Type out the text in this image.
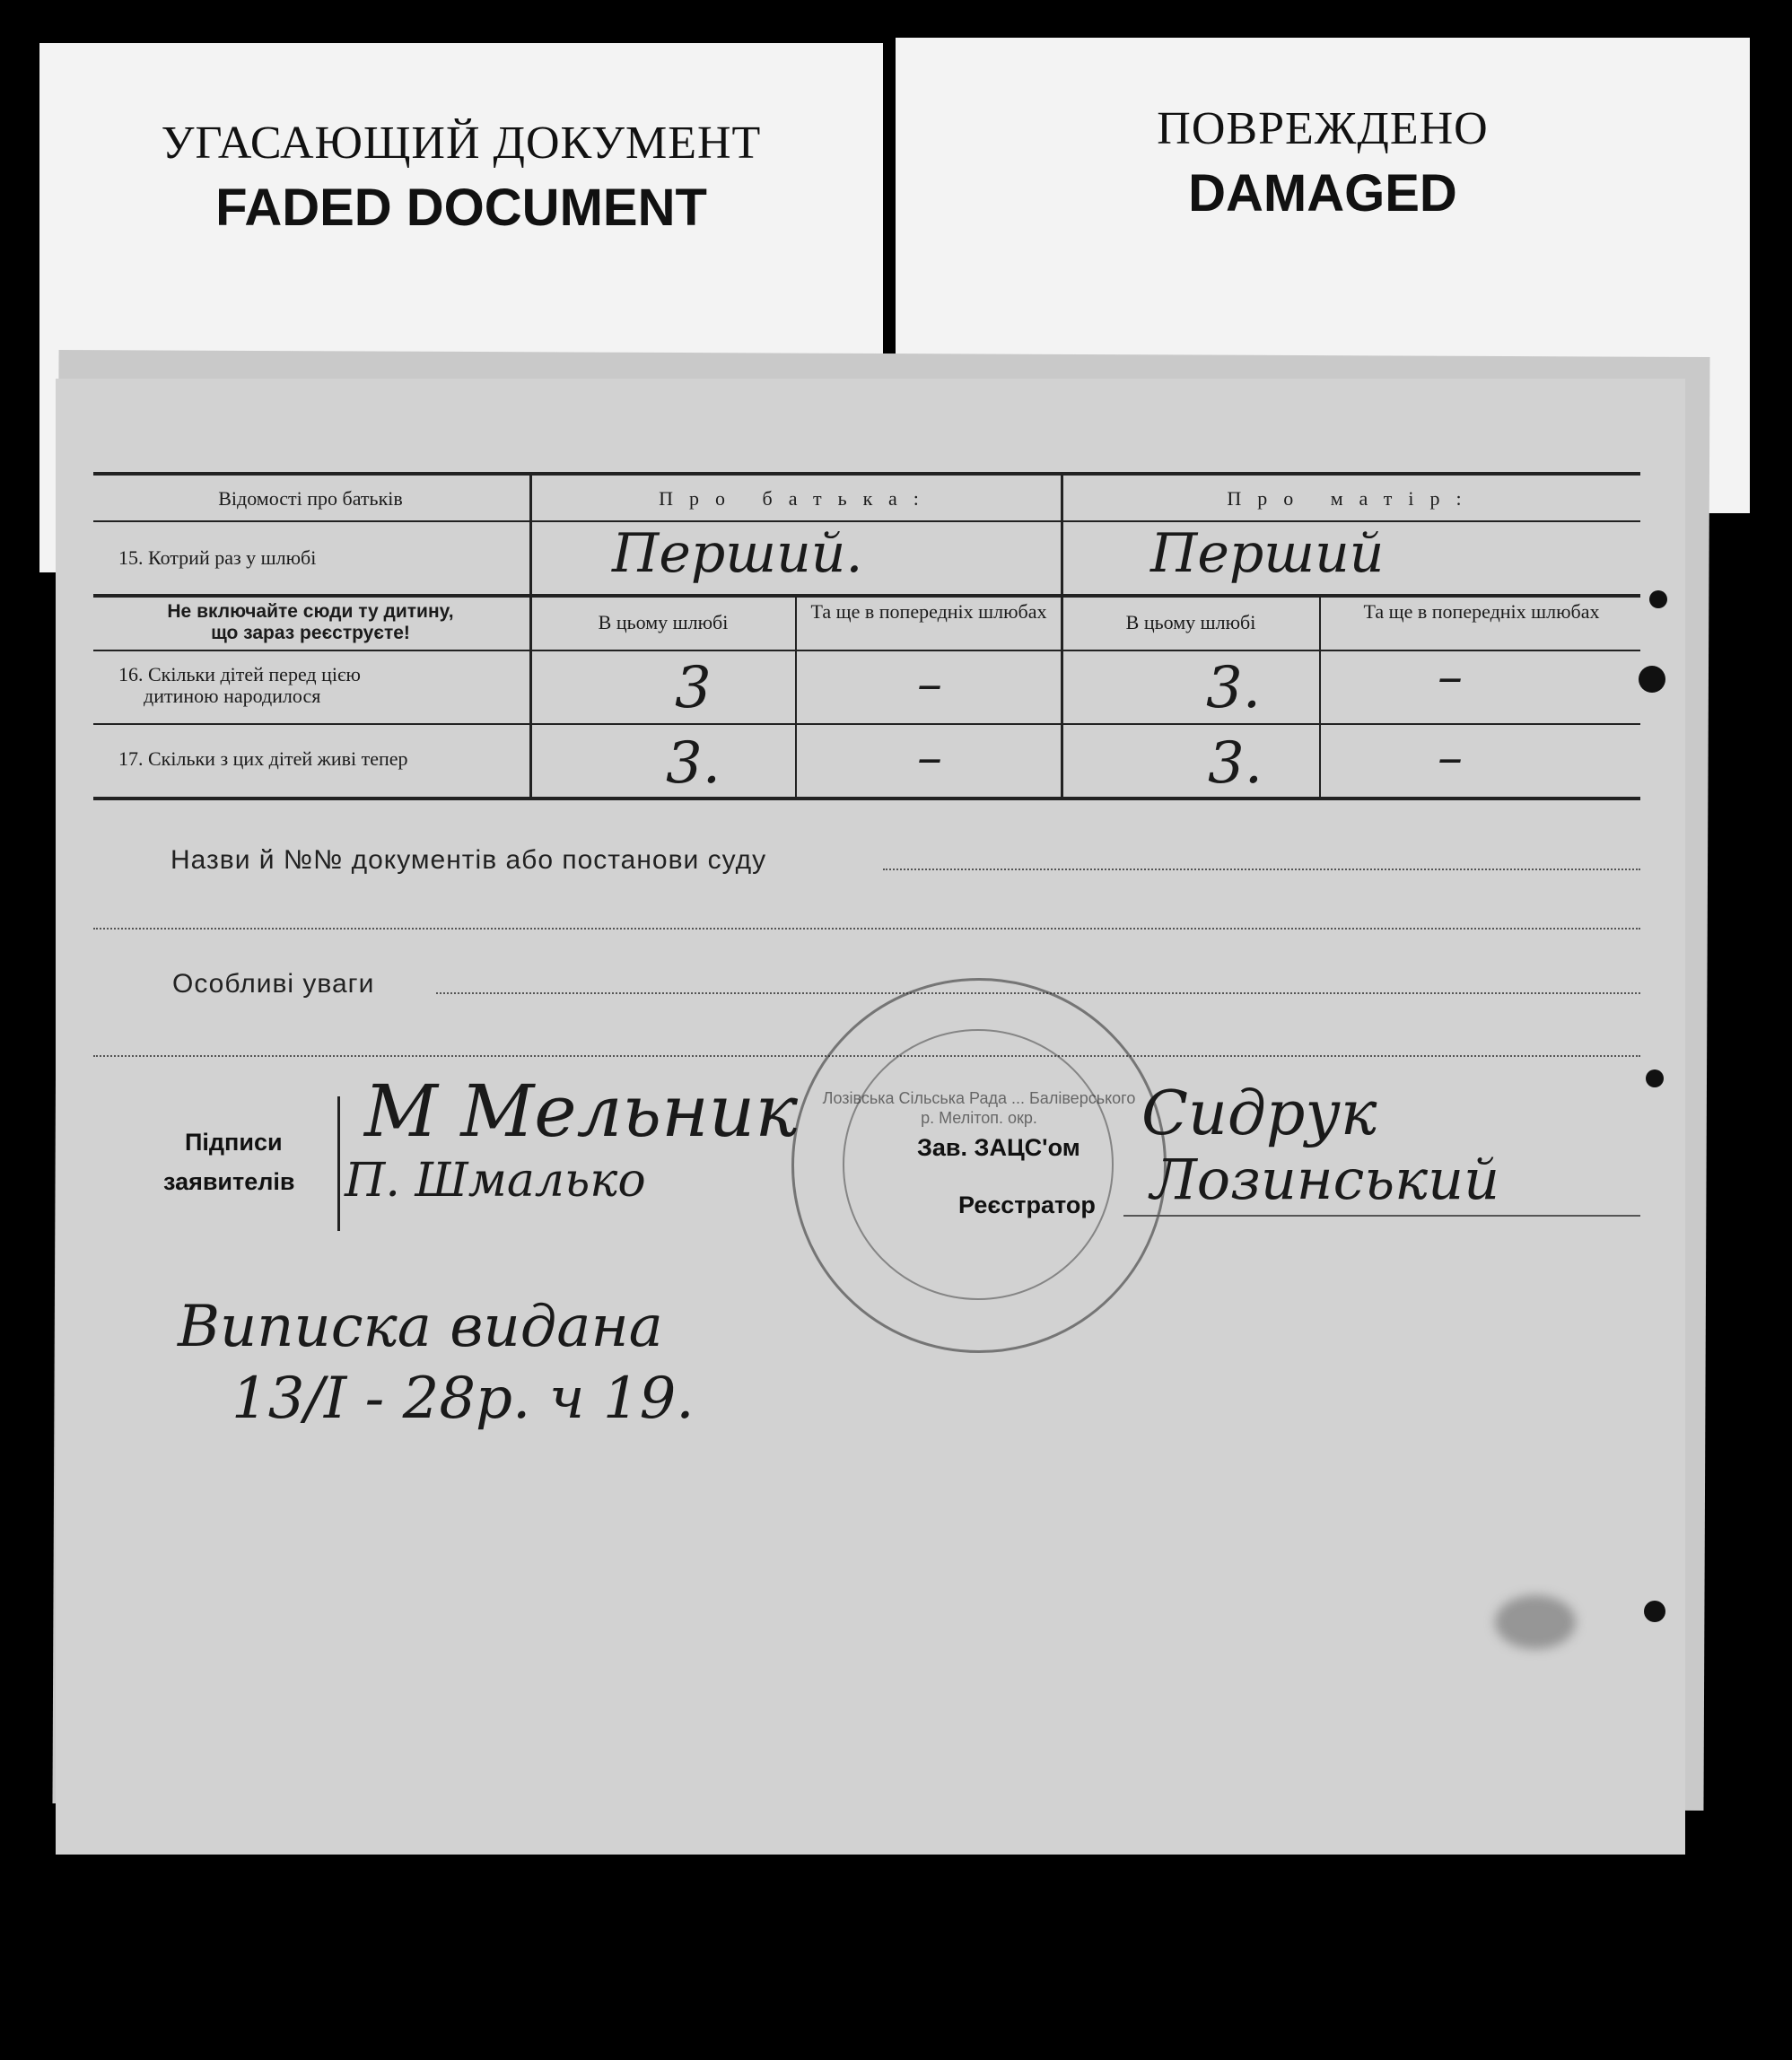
УГАСАЮЩИЙ ДОКУМЕНТ
FADED DOCUMENT
ПОВРЕЖДЕНО
DAMAGED
Відомості про батьків	Про батька:	Про матір:
15. Котрий раз у шлюбі	Перший.	Перший
Не включайте сюди ту дитину,
що зараз реєструєте!	В цьому шлюбі	Та ще в попередніх шлюбах	В цьому шлюбі	Та ще в попередніх шлюбах
16. Скільки дітей перед цією
дитиною народилося	3	–	3.	–
17. Скільки з цих дітей живі тепер	3.	–	3.	–
Назви й №№ документів або постанови суду
Особливі уваги
Лозівська Сільська Рада ... Баліверського р. Мелітоп. окр.
Підписи
заявителів
М Мельник
П. Шмалько
Зав. ЗАЦС'ом
Реєстратор
Сидрук
Лозинський
Виписка видана
13/I - 28р. ч 19.
